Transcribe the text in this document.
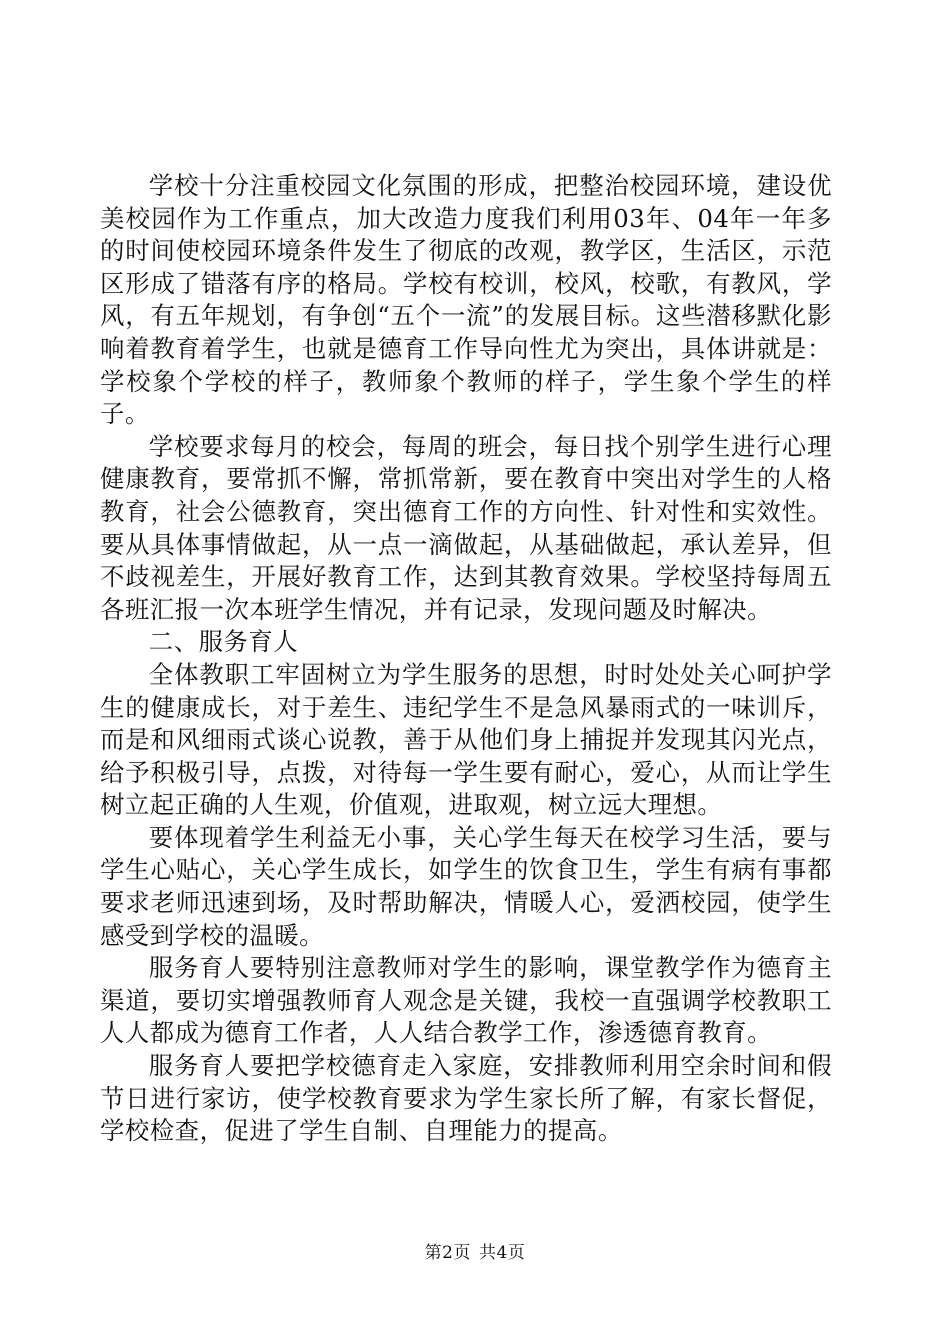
学校十分注重校园文化氛围的形成，把整治校园环境，建设优美校园作为工作重点，加大改造力度我们利用03年、04年一年多的时间使校园环境条件发生了彻底的改观，教学区，生活区，示范区形成了错落有序的格局。学校有校训，校风，校歌，有教风，学风，有五年规划，有争创“五个一流”的发展目标。这些潜移默化影响着教育着学生，也就是德育工作导向性尤为突出，具体讲就是：学校象个学校的样子，教师象个教师的样子，学生象个学生的样子。

学校要求每月的校会，每周的班会，每日找个别学生进行心理健康教育，要常抓不懈，常抓常新，要在教育中突出对学生的人格教育，社会公德教育，突出德育工作的方向性、针对性和实效性。要从具体事情做起，从一点一滴做起，从基础做起，承认差异，但不歧视差生，开展好教育工作，达到其教育效果。学校坚持每周五各班汇报一次本班学生情况，并有记录，发现问题及时解决。

二、服务育人

全体教职工牢固树立为学生服务的思想，时时处处关心呵护学生的健康成长，对于差生、违纪学生不是急风暴雨式的一味训斥，而是和风细雨式谈心说教，善于从他们身上捕捉并发现其闪光点，给予积极引导，点拨，对待每一学生要有耐心，爱心，从而让学生树立起正确的人生观，价值观，进取观，树立远大理想。

要体现着学生利益无小事，关心学生每天在校学习生活，要与学生心贴心，关心学生成长，如学生的饮食卫生，学生有病有事都要求老师迅速到场，及时帮助解决，情暖人心，爱洒校园，使学生感受到学校的温暖。

服务育人要特别注意教师对学生的影响，课堂教学作为德育主渠道，要切实增强教师育人观念是关键，我校一直强调学校教职工人人都成为德育工作者，人人结合教学工作，渗透德育教育。

服务育人要把学校德育走入家庭，安排教师利用空余时间和假节日进行家访，使学校教育要求为学生家长所了解，有家长督促，学校检查，促进了学生自制、自理能力的提高。

第2页 共4页
